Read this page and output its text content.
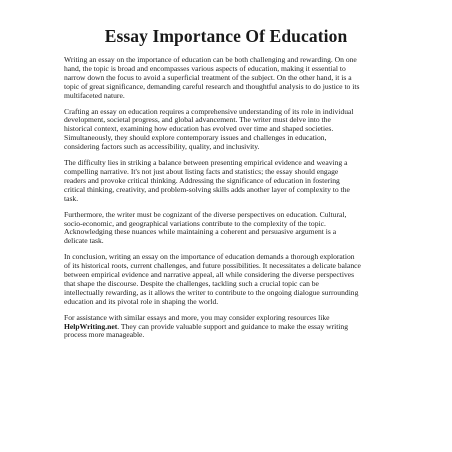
Essay Importance Of Education

Writing an essay on the importance of education can be both challenging and rewarding. On one
hand, the topic is broad and encompasses various aspects of education, making it essential to
narrow down the focus to avoid a superficial treatment of the subject. On the other hand, it is a
topic of great significance, demanding careful research and thoughtful analysis to do justice to its
multifaceted nature.

Crafting an essay on education requires a comprehensive understanding of its role in individual
development, societal progress, and global advancement. The writer must delve into the
historical context, examining how education has evolved over time and shaped societies.
Simultaneously, they should explore contemporary issues and challenges in education,
considering factors such as accessibility, quality, and inclusivity.

The difficulty lies in striking a balance between presenting empirical evidence and weaving a
compelling narrative. It's not just about listing facts and statistics; the essay should engage
readers and provoke critical thinking. Addressing the significance of education in fostering
critical thinking, creativity, and problem-solving skills adds another layer of complexity to the
task.

Furthermore, the writer must be cognizant of the diverse perspectives on education. Cultural,
socio-economic, and geographical variations contribute to the complexity of the topic.
Acknowledging these nuances while maintaining a coherent and persuasive argument is a
delicate task.

In conclusion, writing an essay on the importance of education demands a thorough exploration
of its historical roots, current challenges, and future possibilities. It necessitates a delicate balance
between empirical evidence and narrative appeal, all while considering the diverse perspectives
that shape the discourse. Despite the challenges, tackling such a crucial topic can be
intellectually rewarding, as it allows the writer to contribute to the ongoing dialogue surrounding
education and its pivotal role in shaping the world.

For assistance with similar essays and more, you may consider exploring resources like
HelpWriting.net. They can provide valuable support and guidance to make the essay writing
process more manageable.
